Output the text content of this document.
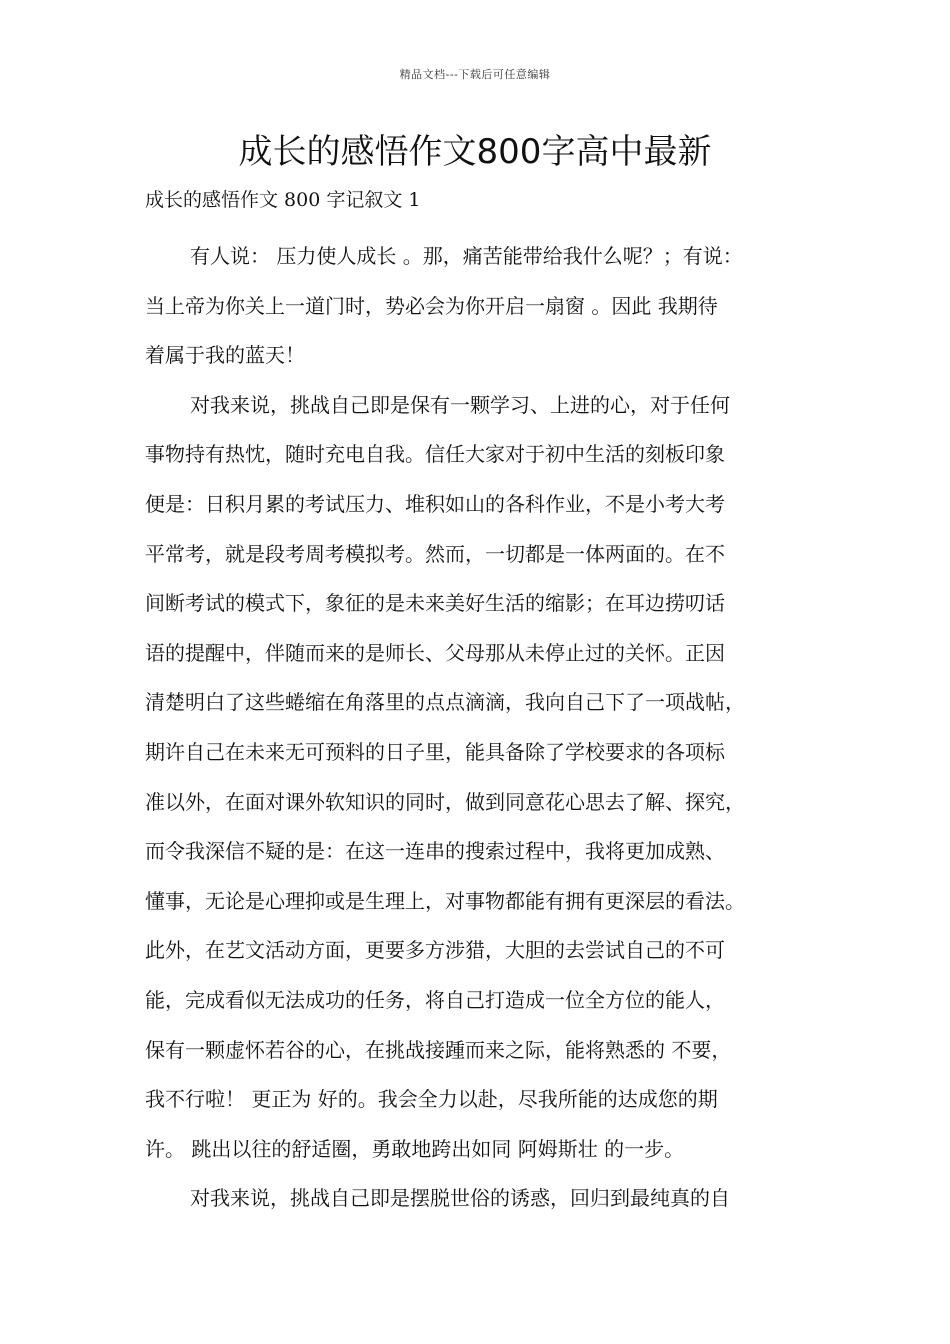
精品文档---下载后可任意编辑
成长的感悟作文800字高中最新
成长的感悟作文 800 字记叙文 1
有人说： 压力使人成长 。那，痛苦能带给我什么呢？；有说：
当上帝为你关上一道门时，势必会为你开启一扇窗 。因此 我期待
着属于我的蓝天！
对我来说，挑战自己即是保有一颗学习、上进的心，对于任何
事物持有热忱，随时充电自我。信任大家对于初中生活的刻板印象
便是：日积月累的考试压力、堆积如山的各科作业，不是小考大考
平常考，就是段考周考模拟考。然而，一切都是一体两面的。在不
间断考试的模式下，象征的是未来美好生活的缩影；在耳边捞叨话
语的提醒中，伴随而来的是师长、父母那从未停止过的关怀。正因
清楚明白了这些蜷缩在角落里的点点滴滴，我向自己下了一项战帖，
期许自己在未来无可预料的日子里，能具备除了学校要求的各项标
准以外，在面对课外软知识的同时，做到同意花心思去了解、探究，
而令我深信不疑的是：在这一连串的搜索过程中，我将更加成熟、
懂事，无论是心理抑或是生理上，对事物都能有拥有更深层的看法。
此外，在艺文活动方面，更要多方涉猎，大胆的去尝试自己的不可
能，完成看似无法成功的任务，将自己打造成一位全方位的能人，
保有一颗虚怀若谷的心，在挑战接踵而来之际，能将熟悉的 不要，
我不行啦！ 更正为 好的。我会全力以赴，尽我所能的达成您的期
许。 跳出以往的舒适圈，勇敢地跨出如同 阿姆斯壮 的一步。
对我来说，挑战自己即是摆脱世俗的诱惑，回归到最纯真的自
